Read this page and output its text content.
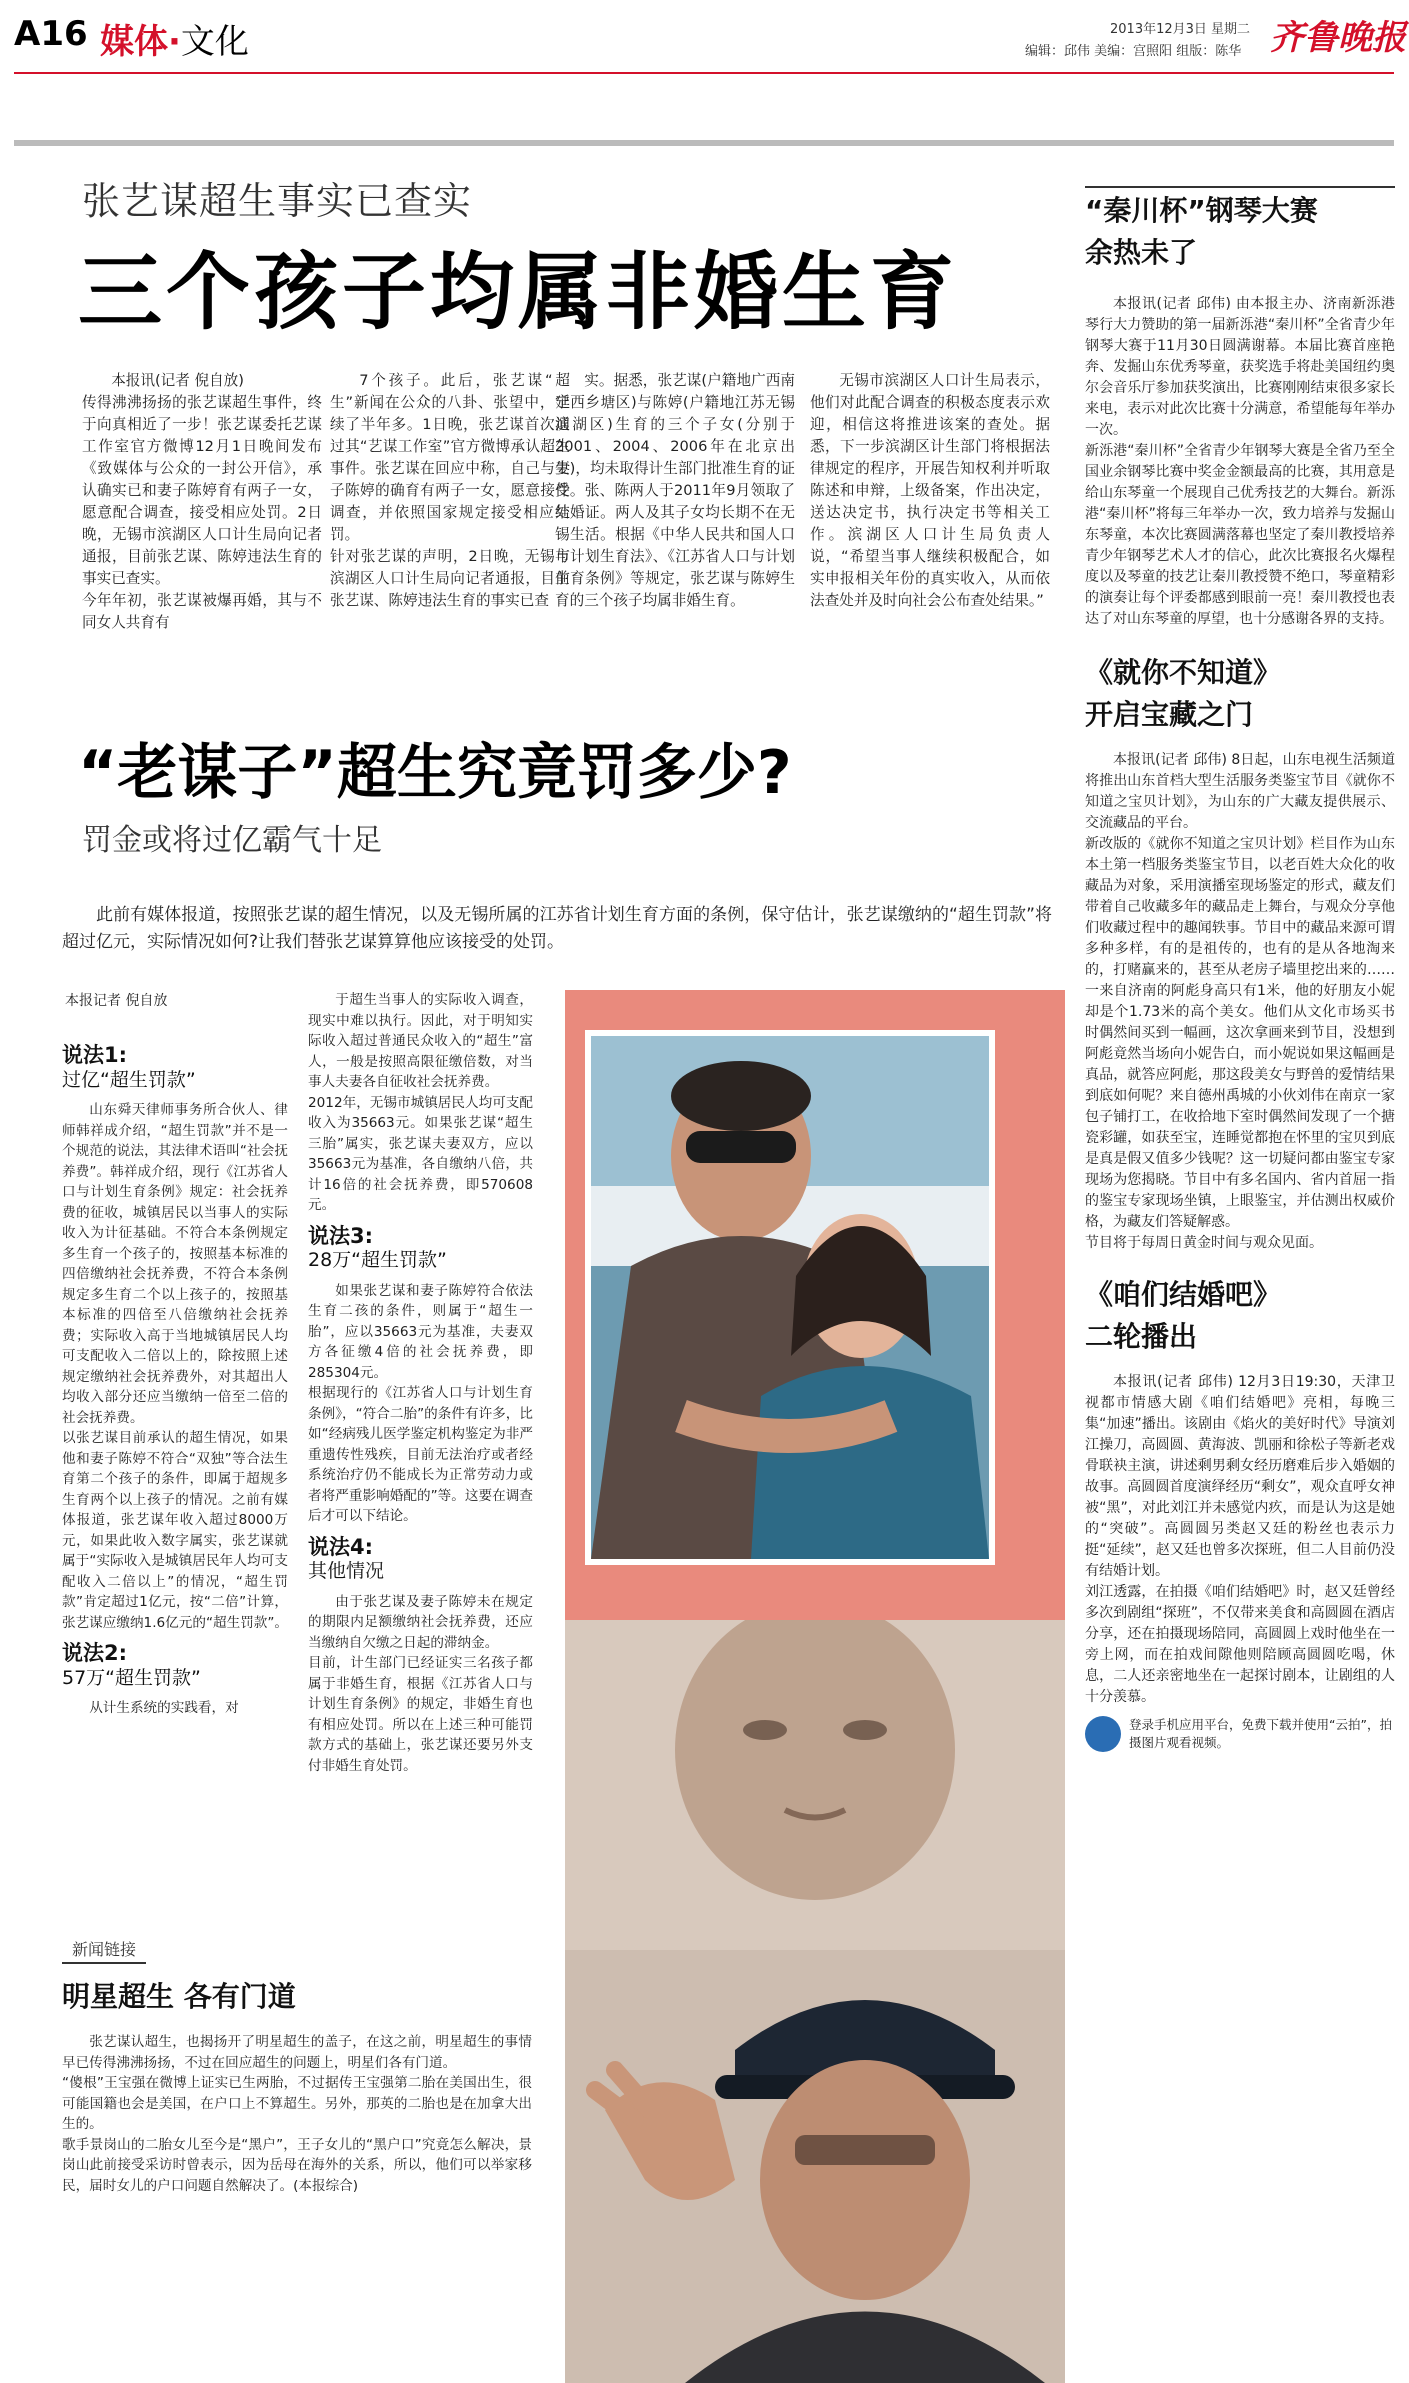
A16 媒体·文化	2013年12月3日 星期二
编辑：邱伟 美编：宫照阳 组版：陈华 齐鲁晚报
张艺谋超生事实已查实
三个孩子均属非婚生育

本报讯(记者 倪自放)
传得沸沸扬扬的张艺谋超生事件，终于向真相近了一步！张艺谋委托艺谋工作室官方微博12月1日晚间发布《致媒体与公众的一封公开信》，承认确实已和妻子陈婷育有两子一女，愿意配合调查，接受相应处罚。2日晚，无锡市滨湖区人口计生局向记者通报，目前张艺谋、陈婷违法生育的事实已查实。
今年年初，张艺谋被爆再婚，其与不同女人共育有

7个孩子。此后，张艺谋“超生”新闻在公众的八卦、张望中，延续了半年多。1日晚，张艺谋首次通过其“艺谋工作室”官方微博承认超生事件。张艺谋在回应中称，自己与妻子陈婷的确育有两子一女，愿意接受调查，并依照国家规定接受相应处罚。
针对张艺谋的声明，2日晚，无锡市滨湖区人口计生局向记者通报，目前张艺谋、陈婷违法生育的事实已查

实。据悉，张艺谋(户籍地广西南宁西乡塘区)与陈婷(户籍地江苏无锡滨湖区)生育的三个子女(分别于2001、2004、2006年在北京出生)，均未取得计生部门批准生育的证件。张、陈两人于2011年9月领取了结婚证。两人及其子女均长期不在无锡生活。根据《中华人民共和国人口与计划生育法》、《江苏省人口与计划生育条例》等规定，张艺谋与陈婷生育的三个孩子均属非婚生育。

无锡市滨湖区人口计生局表示，他们对此配合调查的积极态度表示欢迎，相信这将推进该案的查处。据悉，下一步滨湖区计生部门将根据法律规定的程序，开展告知权利并听取陈述和申辩，上级备案，作出决定，送达决定书，执行决定书等相关工作。滨湖区人口计生局负责人说，“希望当事人继续积极配合，如实申报相关年份的真实收入，从而依法查处并及时向社会公布查处结果。”

“老谋子”超生究竟罚多少?
罚金或将过亿霸气十足

此前有媒体报道，按照张艺谋的超生情况，以及无锡所属的江苏省计划生育方面的条例，保守估计，张艺谋缴纳的“超生罚款”将超过亿元，实际情况如何?让我们替张艺谋算算他应该接受的处罚。

本报记者 倪自放
说法1:
过亿“超生罚款”

山东舜天律师事务所合伙人、律师韩祥成介绍，“超生罚款”并不是一个规范的说法，其法律术语叫“社会抚养费”。韩祥成介绍，现行《江苏省人口与计划生育条例》规定：社会抚养费的征收，城镇居民以当事人的实际收入为计征基础。不符合本条例规定多生育一个孩子的，按照基本标准的四倍缴纳社会抚养费，不符合本条例规定多生育二个以上孩子的，按照基本标准的四倍至八倍缴纳社会抚养费；实际收入高于当地城镇居民人均可支配收入二倍以上的，除按照上述规定缴纳社会抚养费外，对其超出人均收入部分还应当缴纳一倍至二倍的社会抚养费。
以张艺谋目前承认的超生情况，如果他和妻子陈婷不符合“双独”等合法生育第二个孩子的条件，即属于超规多生育两个以上孩子的情况。之前有媒体报道，张艺谋年收入超过8000万元，如果此收入数字属实，张艺谋就属于“实际收入是城镇居民年人均可支配收入二倍以上”的情况，“超生罚款”肯定超过1亿元，按“二倍”计算，张艺谋应缴纳1.6亿元的“超生罚款”。

说法2:
57万“超生罚款”

从计生系统的实践看，对

于超生当事人的实际收入调查，现实中难以执行。因此，对于明知实际收入超过普通民众收入的“超生”富人，一般是按照高限征缴倍数，对当事人夫妻各自征收社会抚养费。
2012年，无锡市城镇居民人均可支配收入为35663元。如果张艺谋“超生三胎”属实，张艺谋夫妻双方，应以35663元为基准，各自缴纳八倍，共计16倍的社会抚养费，即570608元。

说法3:
28万“超生罚款”

如果张艺谋和妻子陈婷符合依法生育二孩的条件，则属于“超生一胎”，应以35663元为基准，夫妻双方各征缴4倍的社会抚养费，即285304元。
根据现行的《江苏省人口与计划生育条例》，“符合二胎”的条件有许多，比如“经病残儿医学鉴定机构鉴定为非严重遗传性残疾，目前无法治疗或者经系统治疗仍不能成长为正常劳动力或者将严重影响婚配的”等。这要在调查后才可以下结论。

说法4:
其他情况

由于张艺谋及妻子陈婷未在规定的期限内足额缴纳社会抚养费，还应当缴纳自欠缴之日起的滞纳金。
目前，计生部门已经证实三名孩子都属于非婚生育，根据《江苏省人口与计划生育条例》的规定，非婚生育也有相应处罚。所以在上述三种可能罚款方式的基础上，张艺谋还要另外支付非婚生育处罚。

新闻链接
明星超生 各有门道

张艺谋认超生，也揭扬开了明星超生的盖子，在这之前，明星超生的事情早已传得沸沸扬扬，不过在回应超生的问题上，明星们各有门道。
“傻根”王宝强在微博上证实已生两胎，不过据传王宝强第二胎在美国出生，很可能国籍也会是美国，在户口上不算超生。另外，那英的二胎也是在加拿大出生的。
歌手景岗山的二胎女儿至今是“黑户”，王子女儿的“黑户口”究竟怎么解决，景岗山此前接受采访时曾表示，因为岳母在海外的关系，所以，他们可以举家移民，届时女儿的户口问题自然解决了。(本报综合)

“秦川杯”钢琴大赛
余热未了

本报讯(记者 邱伟) 由本报主办、济南新泺港琴行大力赞助的第一届新泺港“秦川杯”全省青少年钢琴大赛于11月30日圆满谢幕。本届比赛首座艳奔、发掘山东优秀琴童，获奖选手将赴美国纽约奥尔会音乐厅参加获奖演出，比赛刚刚结束很多家长来电，表示对此次比赛十分满意，希望能每年举办一次。
新泺港“秦川杯”全省青少年钢琴大赛是全省乃至全国业余钢琴比赛中奖金金额最高的比赛，其用意是给山东琴童一个展现自己优秀技艺的大舞台。新泺港“秦川杯”将每三年举办一次，致力培养与发掘山东琴童，本次比赛圆满落幕也坚定了秦川教授培养青少年钢琴艺术人才的信心，此次比赛报名火爆程度以及琴童的技艺让秦川教授赞不绝口，琴童精彩的演奏让每个评委都感到眼前一亮！秦川教授也表达了对山东琴童的厚望，也十分感谢各界的支持。

《就你不知道》
开启宝藏之门

本报讯(记者 邱伟) 8日起，山东电视生活频道将推出山东首档大型生活服务类鉴宝节目《就你不知道之宝贝计划》，为山东的广大藏友提供展示、交流藏品的平台。
新改版的《就你不知道之宝贝计划》栏目作为山东本土第一档服务类鉴宝节目，以老百姓大众化的收藏品为对象，采用演播室现场鉴定的形式，藏友们带着自己收藏多年的藏品走上舞台，与观众分享他们收藏过程中的趣闻轶事。节目中的藏品来源可谓多种多样，有的是祖传的，也有的是从各地淘来的，打赌赢来的，甚至从老房子墙里挖出来的……一来自济南的阿彪身高只有1米，他的好朋友小妮却是个1.73米的高个美女。他们从文化市场买书时偶然间买到一幅画，这次拿画来到节目，没想到阿彪竟然当场向小妮告白，而小妮说如果这幅画是真品，就答应阿彪，那这段美女与野兽的爱情结果到底如何呢？来自德州禹城的小伙刘伟在南京一家包子铺打工，在收拾地下室时偶然间发现了一个搪瓷彩罐，如获至宝，连睡觉都抱在怀里的宝贝到底是真是假又值多少钱呢？这一切疑问都由鉴宝专家现场为您揭晓。节目中有多名国内、省内首屈一指的鉴宝专家现场坐镇，上眼鉴宝，并估测出权威价格，为藏友们答疑解惑。
节目将于每周日黄金时间与观众见面。

《咱们结婚吧》
二轮播出

本报讯(记者 邱伟) 12月3日19:30，天津卫视都市情感大剧《咱们结婚吧》亮相，每晚三集“加速”播出。该剧由《焰火的美好时代》导演刘江操刀，高圆圆、黄海波、凯丽和徐松子等新老戏骨联袂主演，讲述剩男剩女经历磨难后步入婚姻的故事。高圆圆首度演绎经历“剩女”，观众直呼女神被“黑”，对此刘江并未感觉内疚，而是认为这是她的“突破”。高圆圆另类赵又廷的粉丝也表示力挺“延续”，赵又廷也曾多次探班，但二人目前仍没有结婚计划。
刘江透露，在拍摄《咱们结婚吧》时，赵又廷曾经多次到剧组“探班”，不仅带来美食和高圆圆在酒店分享，还在拍摄现场陪同，高圆圆上戏时他坐在一旁上网，而在拍戏间隙他则陪顾高圆圆吃喝，休息，二人还亲密地坐在一起探讨剧本，让剧组的人十分羡慕。

登录手机应用平台，免费下载并使用“云拍”，拍摄图片观看视频。
